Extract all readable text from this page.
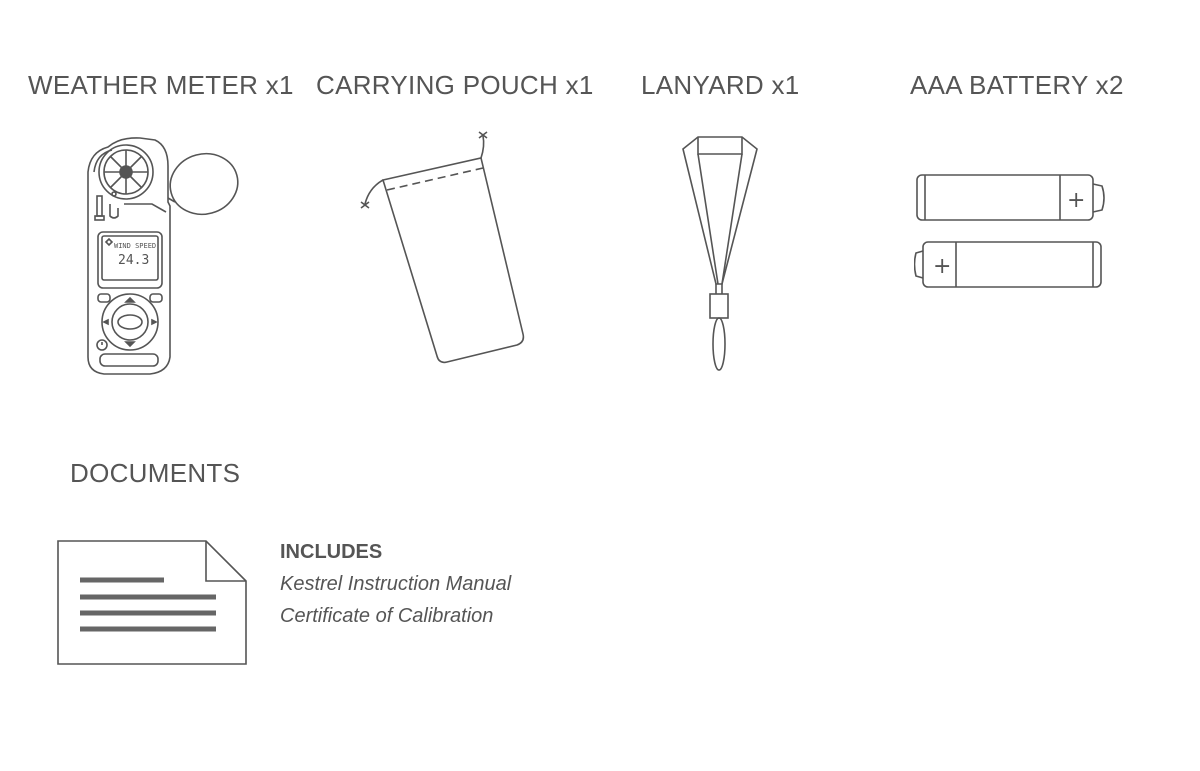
WEATHER METER x1 CARRYING POUCH x1 LANYARD x1	AAA BATTERY x2
WIND SPEED
24.3
+
+
DOCUMENTS
INCLUDES

Kestrel Instruction Manual

Certificate of Calibration
